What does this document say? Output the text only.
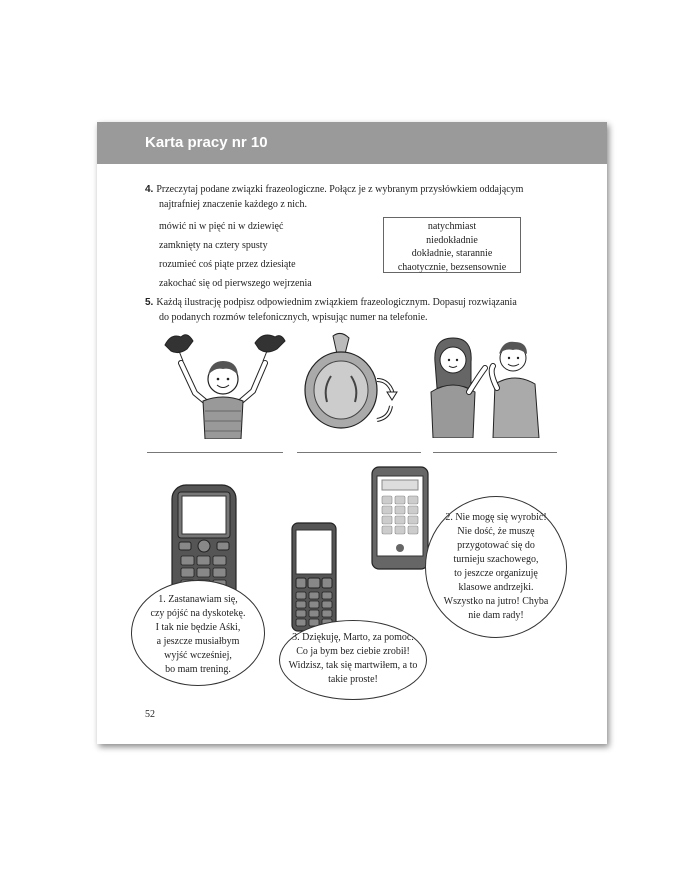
Karta pracy nr 10
4. Przeczytaj podane związki frazeologiczne. Połącz je z wybranym przysłówkiem oddającym
najtrafniej znaczenie każdego z nich.
mówić ni w pięć ni w dziewięć
zamknięty na cztery spusty
rozumieć coś piąte przez dziesiąte
zakochać się od pierwszego wejrzenia
natychmiast
niedokładnie
dokładnie, starannie
chaotycznie, bezsensownie
5. Każdą ilustrację podpisz odpowiednim związkiem frazeologicznym. Dopasuj rozwiązania
do podanych rozmów telefonicznych, wpisując numer na telefonie.
1. Zastanawiam się,
czy pójść na dyskotekę.
I tak nie będzie Aśki,
a jeszcze musiałbym
wyjść wcześniej,
bo mam trening.
2. Nie mogę się wyrobić!
Nie dość, że muszę
przygotować się do
turnieju szachowego,
to jeszcze organizuję
klasowe andrzejki.
Wszystko na jutro! Chyba
nie dam rady!
3. Dziękuję, Marto, za pomoc.
Co ja bym bez ciebie zrobił!
Widzisz, tak się martwiłem, a to
takie proste!
52
